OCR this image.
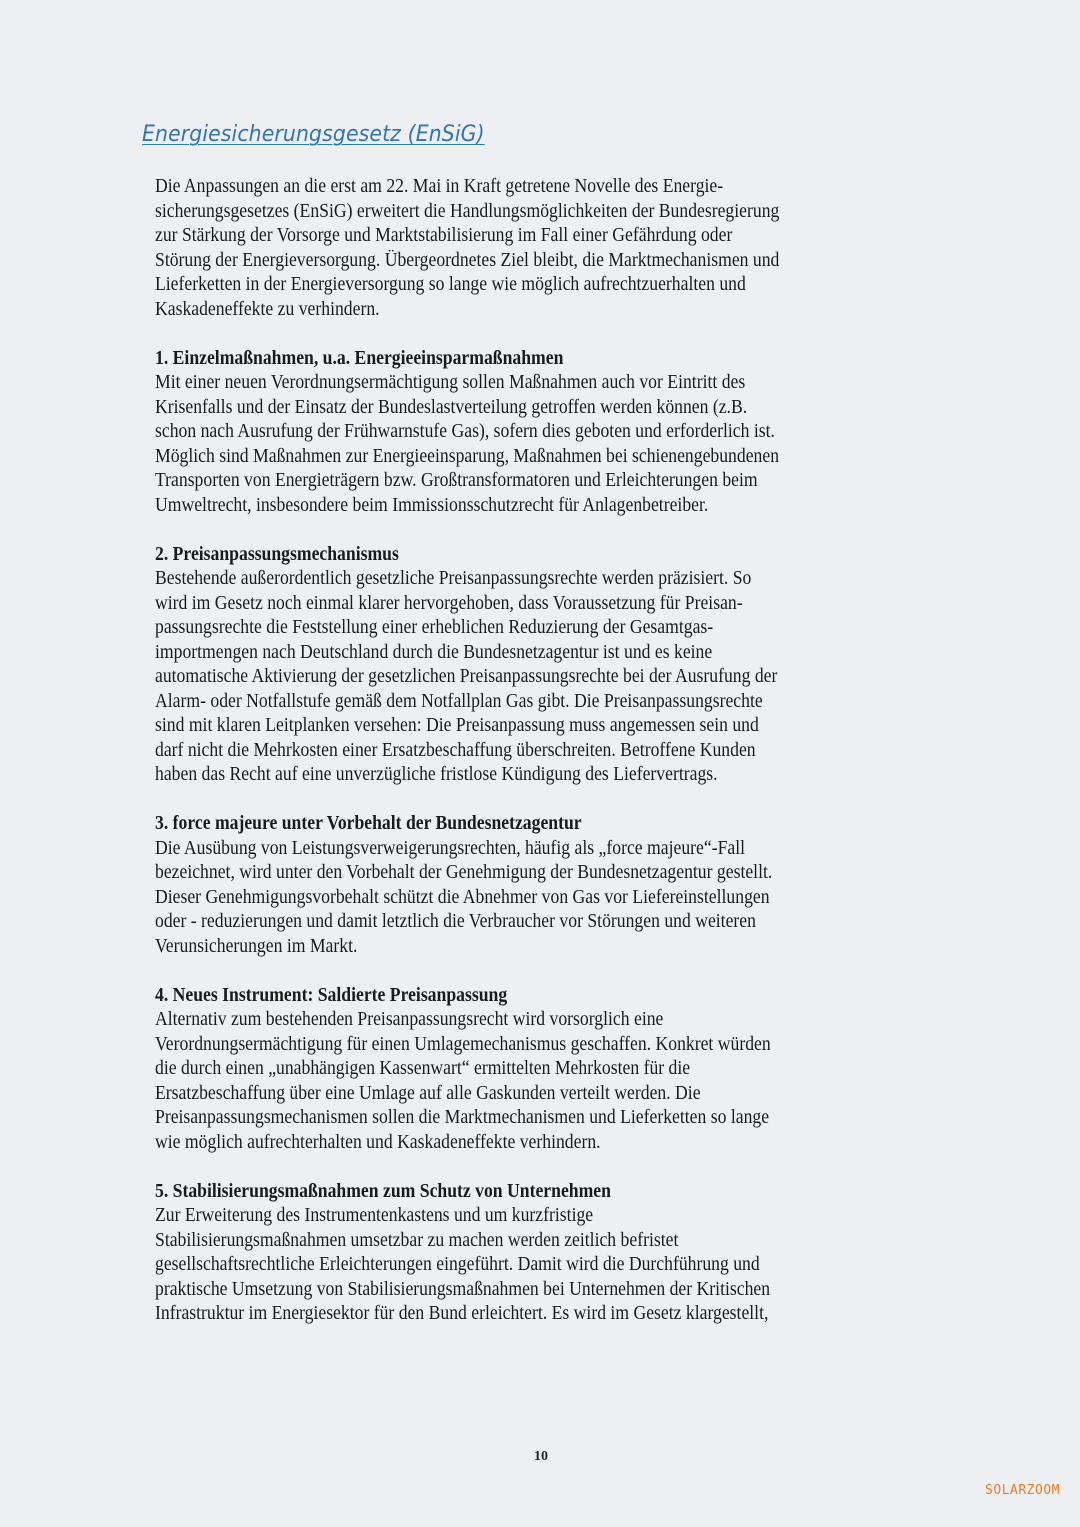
Energiesicherungsgesetz (EnSiG)
Die Anpassungen an die erst am 22. Mai in Kraft getretene Novelle des Energie-
sicherungsgesetzes (EnSiG) erweitert die Handlungsmöglichkeiten der Bundesregierung
zur Stärkung der Vorsorge und Marktstabilisierung im Fall einer Gefährdung oder
Störung der Energieversorgung. Übergeordnetes Ziel bleibt, die Marktmechanismen und
Lieferketten in der Energieversorgung so lange wie möglich aufrechtzuerhalten und
Kaskadeneffekte zu verhindern.
1. Einzelmaßnahmen, u.a. Energieeinsparmaßnahmen
Mit einer neuen Verordnungsermächtigung sollen Maßnahmen auch vor Eintritt des
Krisenfalls und der Einsatz der Bundeslastverteilung getroffen werden können (z.B.
schon nach Ausrufung der Frühwarnstufe Gas), sofern dies geboten und erforderlich ist.
Möglich sind Maßnahmen zur Energieeinsparung, Maßnahmen bei schienengebundenen
Transporten von Energieträgern bzw. Großtransformatoren und Erleichterungen beim
Umweltrecht, insbesondere beim Immissionsschutzrecht für Anlagenbetreiber.
2. Preisanpassungsmechanismus
Bestehende außerordentlich gesetzliche Preisanpassungsrechte werden präzisiert. So
wird im Gesetz noch einmal klarer hervorgehoben, dass Voraussetzung für Preisan-
passungsrechte die Feststellung einer erheblichen Reduzierung der Gesamtgas-
importmengen nach Deutschland durch die Bundesnetzagentur ist und es keine
automatische Aktivierung der gesetzlichen Preisanpassungsrechte bei der Ausrufung der
Alarm- oder Notfallstufe gemäß dem Notfallplan Gas gibt. Die Preisanpassungsrechte
sind mit klaren Leitplanken versehen: Die Preisanpassung muss angemessen sein und
darf nicht die Mehrkosten einer Ersatzbeschaffung überschreiten. Betroffene Kunden
haben das Recht auf eine unverzügliche fristlose Kündigung des Liefervertrags.
3. force majeure unter Vorbehalt der Bundesnetzagentur
Die Ausübung von Leistungsverweigerungsrechten, häufig als „force majeure“-Fall
bezeichnet, wird unter den Vorbehalt der Genehmigung der Bundesnetzagentur gestellt.
Dieser Genehmigungsvorbehalt schützt die Abnehmer von Gas vor Liefereinstellungen
oder - reduzierungen und damit letztlich die Verbraucher vor Störungen und weiteren
Verunsicherungen im Markt.
4. Neues Instrument: Saldierte Preisanpassung
Alternativ zum bestehenden Preisanpassungsrecht wird vorsorglich eine
Verordnungsermächtigung für einen Umlagemechanismus geschaffen. Konkret würden
die durch einen „unabhängigen Kassenwart“ ermittelten Mehrkosten für die
Ersatzbeschaffung über eine Umlage auf alle Gaskunden verteilt werden. Die
Preisanpassungsmechanismen sollen die Marktmechanismen und Lieferketten so lange
wie möglich aufrechterhalten und Kaskadeneffekte verhindern.
5. Stabilisierungsmaßnahmen zum Schutz von Unternehmen
Zur Erweiterung des Instrumentenkastens und um kurzfristige
Stabilisierungsmaßnahmen umsetzbar zu machen werden zeitlich befristet
gesellschaftsrechtliche Erleichterungen eingeführt. Damit wird die Durchführung und
praktische Umsetzung von Stabilisierungsmaßnahmen bei Unternehmen der Kritischen
Infrastruktur im Energiesektor für den Bund erleichtert. Es wird im Gesetz klargestellt,
10
SOLARZOOM
